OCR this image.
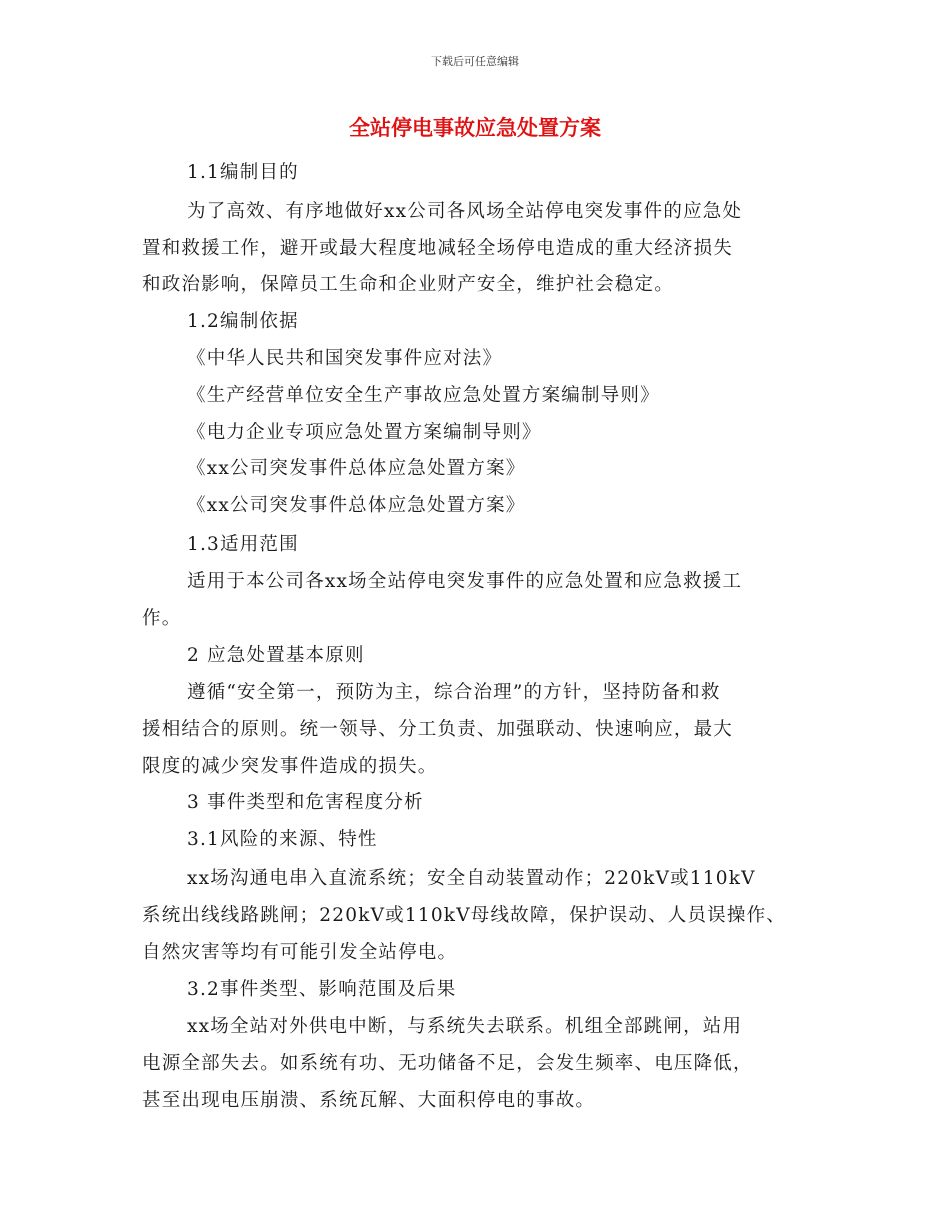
下载后可任意编辑
全站停电事故应急处置方案
1.1编制目的
为了高效、有序地做好xx公司各风场全站停电突发事件的应急处
置和救援工作，避开或最大程度地减轻全场停电造成的重大经济损失
和政治影响，保障员工生命和企业财产安全，维护社会稳定。
1.2编制依据
《中华人民共和国突发事件应对法》
《生产经营单位安全生产事故应急处置方案编制导则》
《电力企业专项应急处置方案编制导则》
《xx公司突发事件总体应急处置方案》
《xx公司突发事件总体应急处置方案》
1.3适用范围
适用于本公司各xx场全站停电突发事件的应急处置和应急救援工
作。
2 应急处置基本原则
遵循“安全第一，预防为主，综合治理”的方针，坚持防备和救
援相结合的原则。统一领导、分工负责、加强联动、快速响应，最大
限度的减少突发事件造成的损失。
3 事件类型和危害程度分析
3.1风险的来源、特性
xx场沟通电串入直流系统；安全自动装置动作；220kV或110kV
系统出线线路跳闸；220kV或110kV母线故障，保护误动、人员误操作、
自然灾害等均有可能引发全站停电。
3.2事件类型、影响范围及后果
xx场全站对外供电中断，与系统失去联系。机组全部跳闸，站用
电源全部失去。如系统有功、无功储备不足，会发生频率、电压降低，
甚至出现电压崩溃、系统瓦解、大面积停电的事故。
